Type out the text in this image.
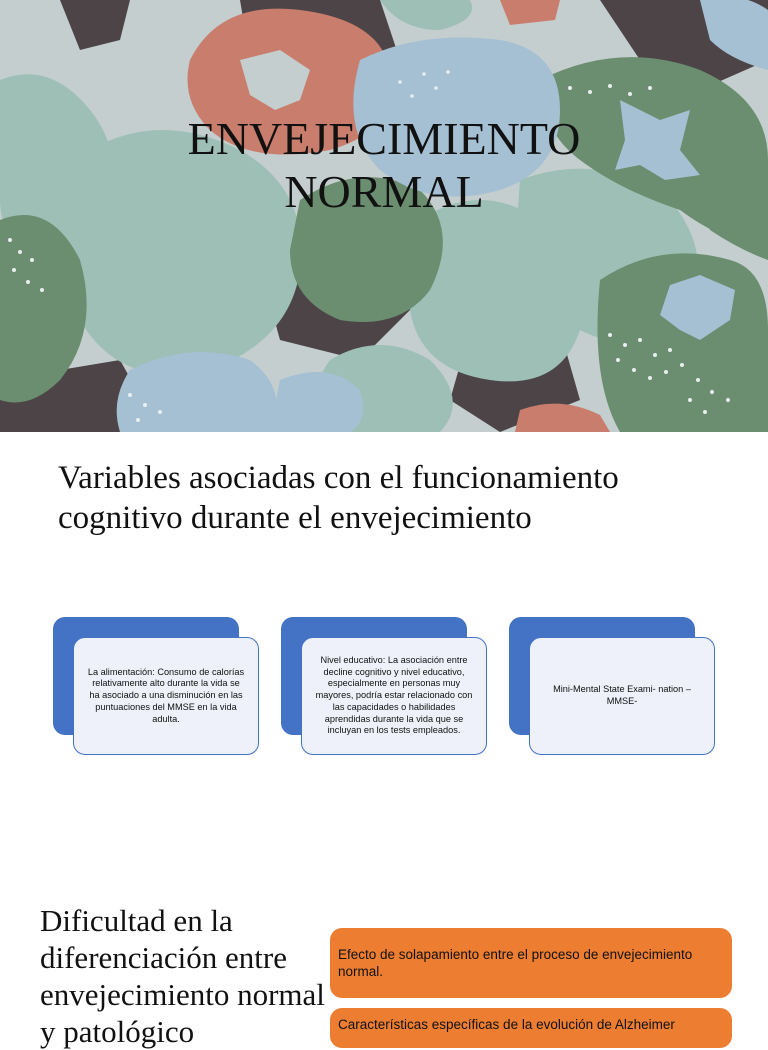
ENVEJECIMIENTO
NORMAL
Variables asociadas con el funcionamiento cognitivo durante el envejecimiento
La alimentación: Consumo de calorías relativamente alto durante la vida se ha asociado a una disminución en las puntuaciones del MMSE en la vida adulta.
Nivel educativo: La asociación entre decline cognitivo y nivel educativo, especialmente en personas muy mayores, podría estar relacionado con las capacidades o habilidades aprendidas durante la vida que se incluyan en los tests empleados.
Mini-Mental State Exami- nation – MMSE-
Dificultad en la diferenciación entre envejecimiento normal y patológico
Efecto de solapamiento entre el proceso de envejecimiento normal.
Características específicas de la evolución de Alzheimer
